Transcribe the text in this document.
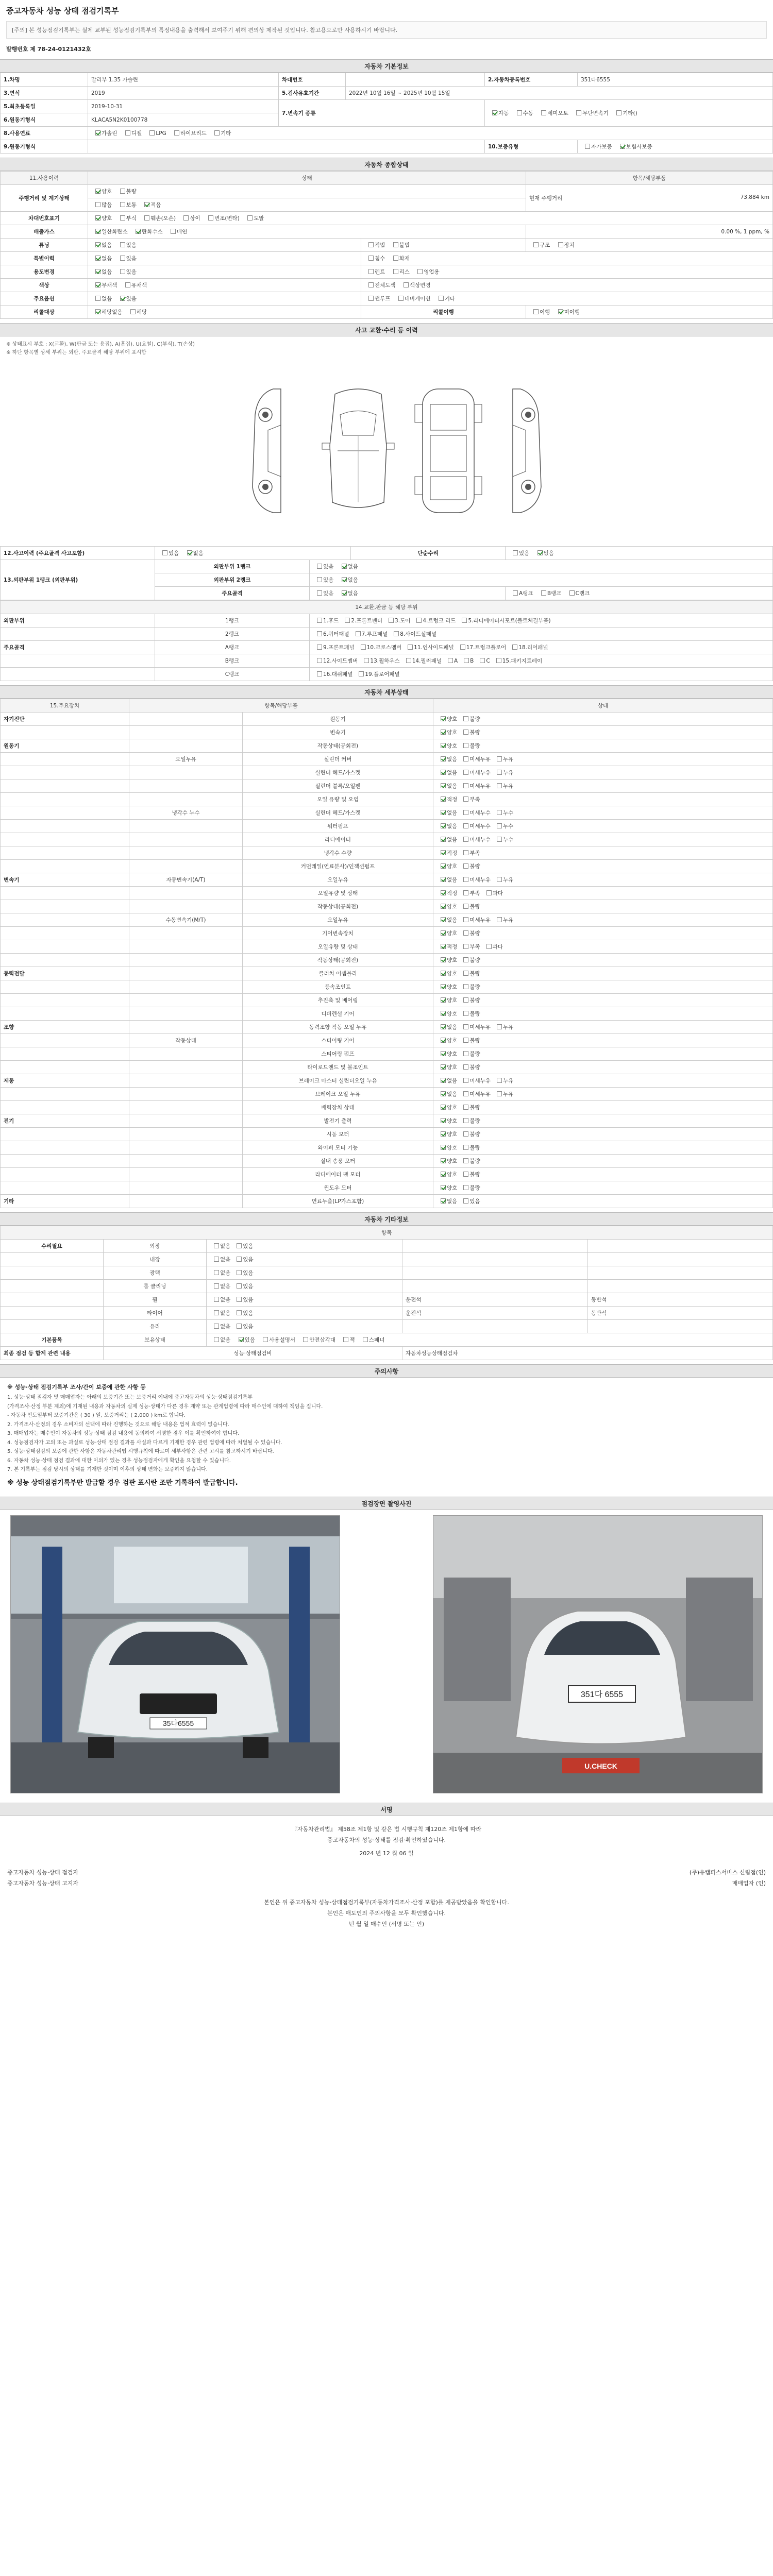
중고자동차 성능 상태 점검기록부
[주의] 본 성능점검기록부는 실제 교부된 성능점검기록부의 특정내용을 출력해서 보여주기 위해 편의상 제작된 것입니다. 참고용으로만 사용하시기 바랍니다.
발행번호 제 78-24-0121432호
자동차 기본정보
1.차명	말리부 1.35 가솔린	차대번호		2.자동차등록번호	351다6555
3.연식	2019	5.검사유효기간	2022년 10월 16일 ~ 2025년 10월 15일		
5.최초등록일	2019-10-31	7.변속기 종류		자동 수동 세미오토 무단변속기 기타()	
6.원동기형식	KLACA5N2K0100778				
8.사용연료	가솔린 디젤 LPG 하이브리드 기타				
9.원동기형식				10.보증유형	자가보증 보험사보증
자동차 종합상태
11.사용이력	상태		항목/해당부품
주행거리 및 계기상태	양호 불량		현재 주행거리 73,884 km

	많음 보통 적음		
차대번호표기	양호 부식 훼손(오손) 상이 변조(변타) 도말		
배출가스	일산화탄소 탄화수소 매연		0.00 %, 1 ppm, %
튜닝	없음 있음	적법 불법	구조 장치
특별이력	없음 있음	침수 화재	
용도변경	없음 있음	렌트 리스 영업용	
색상	무채색 유채색	전체도색 색상변경	
주요옵션	없음 있음	썬루프 네비게이션 기타	
리콜대상	해당없음 해당	리콜이행	이행 미이행
사고 교환·수리 등 이력
※ 상태표시 부호 : X(교환), W(판금 또는 용접), A(흠집), U(요철), C(부식), T(손상)
※ 하단 항목별 상세 부위는 외판, 주요골격 해당 부위에 표시함
12.사고이력 (주요골격 사고포함)	있음 없음		단순수리	있음 없음
13.외판부위 1랭크 (외판부위)	외판부위 1랭크	있음 없음		
	외판부위 2랭크	있음 없음		
	주요골격	있음 없음		A랭크 B랭크 C랭크
14.교환,판금 등 해당 부위		
외판부위	1랭크	1.후드 2.프론트펜더 3.도어 4.트렁크 리드 5.라디에이터서포트(볼트체결부품)
	2랭크	6.쿼터패널 7.루프패널 8.사이드실패널
주요골격	A랭크	9.프론트패널 10.크로스멤버 11.인사이드패널 17.트렁크플로어 18.리어패널
	B랭크	12.사이드멤버 13.휠하우스 14.필러패널 A B C 15.패키지트레이
	C랭크	16.대쉬패널 19.플로어패널
자동차 세부상태
15.주요장치	항목/해당부품		상태
자기진단		원동기	양호 불량
		변속기	양호 불량
원동기		작동상태(공회전)	양호 불량
	오일누유	실린더 커버	없음 미세누유 누유
		실린더 헤드/가스켓	없음 미세누유 누유
		실린더 블록/오일팬	없음 미세누유 누유
		오일 유량 및 오염	적정 부족
	냉각수 누수	실린더 헤드/가스켓	없음 미세누수 누수
		워터펌프	없음 미세누수 누수
		라디에이터	없음 미세누수 누수
		냉각수 수량	적정 부족
		커먼레일(연료분사)/인젝션펌프	양호 불량
변속기	자동변속기(A/T)	오일누유	없음 미세누유 누유
		오일유량 및 상태	적정 부족 과다
		작동상태(공회전)	양호 불량
	수동변속기(M/T)	오일누유	없음 미세누유 누유
		기어변속장치	양호 불량
		오일유량 및 상태	적정 부족 과다
		작동상태(공회전)	양호 불량
동력전달		클러치 어셈블리	양호 불량
		등속조인트	양호 불량
		추진축 및 베어링	양호 불량
		디퍼렌셜 기어	양호 불량
조향		동력조향 작동 오일 누유	없음 미세누유 누유
	작동상태	스티어링 기어	양호 불량
		스티어링 펌프	양호 불량
		타이로드엔드 및 볼조인트	양호 불량
제동		브레이크 마스터 실린더오일 누유	없음 미세누유 누유
		브레이크 오일 누유	없음 미세누유 누유
		배력장치 상태	양호 불량
전기		발전기 출력	양호 불량
		시동 모터	양호 불량
		와이퍼 모터 기능	양호 불량
		실내 송풍 모터	양호 불량
		라디에이터 팬 모터	양호 불량
		윈도우 모터	양호 불량
기타		연료누출(LP가스포함)	없음 있음
자동차 기타정보
항목				
수리필요	외장	없음 있음		
	내장	없음 있음		
	광택	없음 있음		
	룸 클리닝	없음 있음		
	휠	없음 있음	운전석	동반석
	타이어	없음 있음	운전석	동반석
	유리	없음 있음		
기본품목	보유상태	없음 있음 사용설명서 안전삼각대 잭 스패너		
최종 점검 등 합계 관련 내용	성능·상태점검비		자동차성능상태점검차	
주의사항
※ 성능·상태 점검기록부 조사/간이 보증에 관한 사항 등

1. 성능·상태 점검자 및 매매업자는 아래의 보증기간 또는 보증거리 이내에 중고자동차의 성능·상태점검기록부

(가격조사·산정 부분 제외)에 기재된 내용과 자동차의 실제 성능·상태가 다른 경우 계약 또는 관계법령에 따라 매수인에 대하여 책임을 집니다.

- 자동차 인도일부터 보증기간은 ( 30 ) 일, 보증거리는 ( 2,000 ) km로 합니다.

2. 가격조사·산정의 경우 소비자의 선택에 따라 진행하는 것으로 해당 내용은 법적 효력이 없습니다.

3. 매매업자는 매수인이 자동차의 성능·상태 점검 내용에 동의하여 서명한 경우 이를 확인하여야 합니다.

4. 성능점검자가 고의 또는 과실로 성능·상태 점검 결과를 사실과 다르게 기재한 경우 관련 법령에 따라 처벌될 수 있습니다.

5. 성능·상태점검의 보증에 관한 사항은 자동차관리법 시행규칙에 따르며 세부사항은 관련 고시를 참고하시기 바랍니다.

6. 자동차 성능·상태 점검 결과에 대한 이의가 있는 경우 성능점검자에게 확인을 요청할 수 있습니다.

7. 본 기록부는 점검 당시의 상태를 기재한 것이며 이후의 상태 변화는 보증하지 않습니다.

※ 성능 상태점검기록부만 발급할 경우 검판 표시란 조만 기록하여 발급합니다.
점검장면 촬영사진
35다6555
351다 6555
U.CHECK
서명
『자동차관리법』 제58조 제1항 및 같은 법 시행규칙 제120조 제1항에 따라
중고자동차의 성능·상태를 점검·확인하였습니다.
2024 년 12 월 06 일
중고자동차 성능·상태 점검자	(주)유캠퍼스서비스 신림점(인)
중고자동차 성능·상태 고지자	매매업자 (인)
본인은 위 중고자동차 성능·상태점검기록부(자동차가격조사·산정 포함)를 제공받았음을 확인합니다.
본인은 매도인의 주의사항을 모두 확인했습니다.
년 월 일 매수인 (서명 또는 인)
